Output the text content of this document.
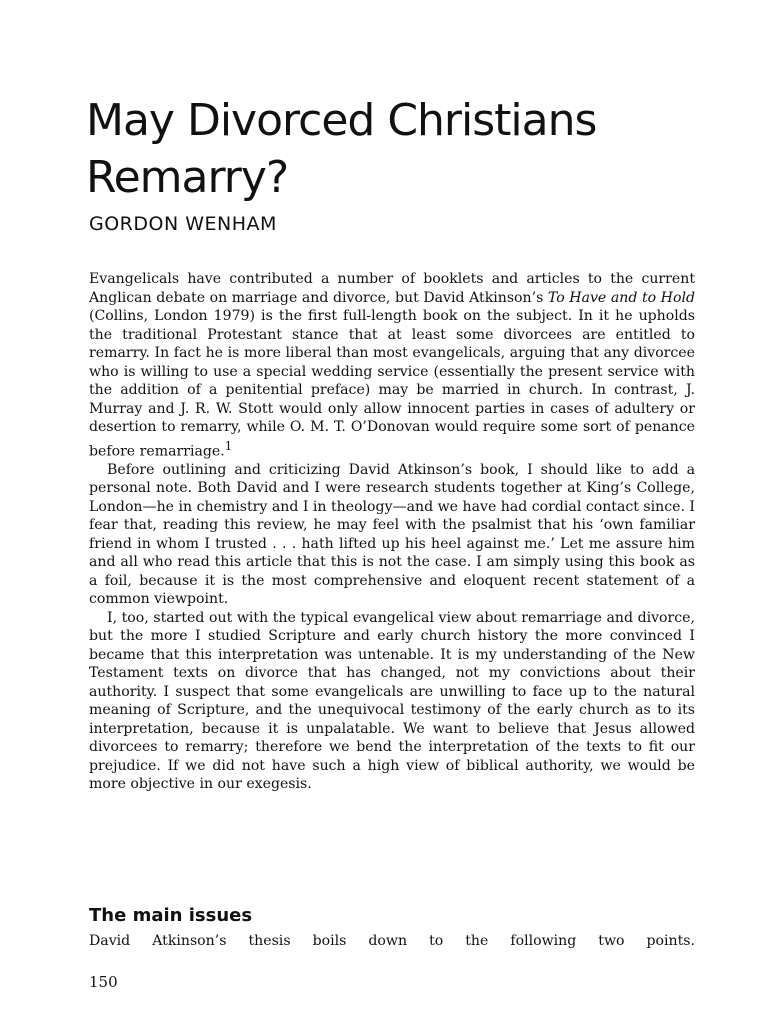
May Divorced Christians Remarry?
GORDON WENHAM

Evangelicals have contributed a number of booklets and articles to the current Anglican debate on marriage and divorce, but David Atkinson’s To Have and to Hold (Collins, London 1979) is the first full-length book on the subject. In it he upholds the traditional Protestant stance that at least some divorcees are entitled to remarry. In fact he is more liberal than most evangelicals, arguing that any divorcee who is willing to use a special wedding service (essentially the present service with the addition of a penitential preface) may be married in church. In contrast, J. Murray and J. R. W. Stott would only allow innocent parties in cases of adultery or desertion to remarry, while O. M. T. O’Donovan would require some sort of penance before remarriage.$^1$

Before outlining and criticizing David Atkinson’s book, I should like to add a personal note. Both David and I were research students together at King’s College, London—he in chemistry and I in theology—and we have had cordial contact since. I fear that, reading this review, he may feel with the psalmist that his ‘own familiar friend in whom I trusted . . . hath lifted up his heel against me.’ Let me assure him and all who read this article that this is not the case. I am simply using this book as a foil, because it is the most comprehensive and eloquent recent statement of a common viewpoint.

I, too, started out with the typical evangelical view about remarriage and divorce, but the more I studied Scripture and early church history the more convinced I became that this interpretation was untenable. It is my understanding of the New Testament texts on divorce that has changed, not my convictions about their authority. I suspect that some evangelicals are unwilling to face up to the natural meaning of Scripture, and the unequivocal testimony of the early church as to its interpretation, because it is unpalatable. We want to believe that Jesus allowed divorcees to remarry; therefore we bend the interpretation of the texts to fit our prejudice. If we did not have such a high view of biblical authority, we would be more objective in our exegesis.

The main issues
David Atkinson’s thesis boils down to the following two points.
150
